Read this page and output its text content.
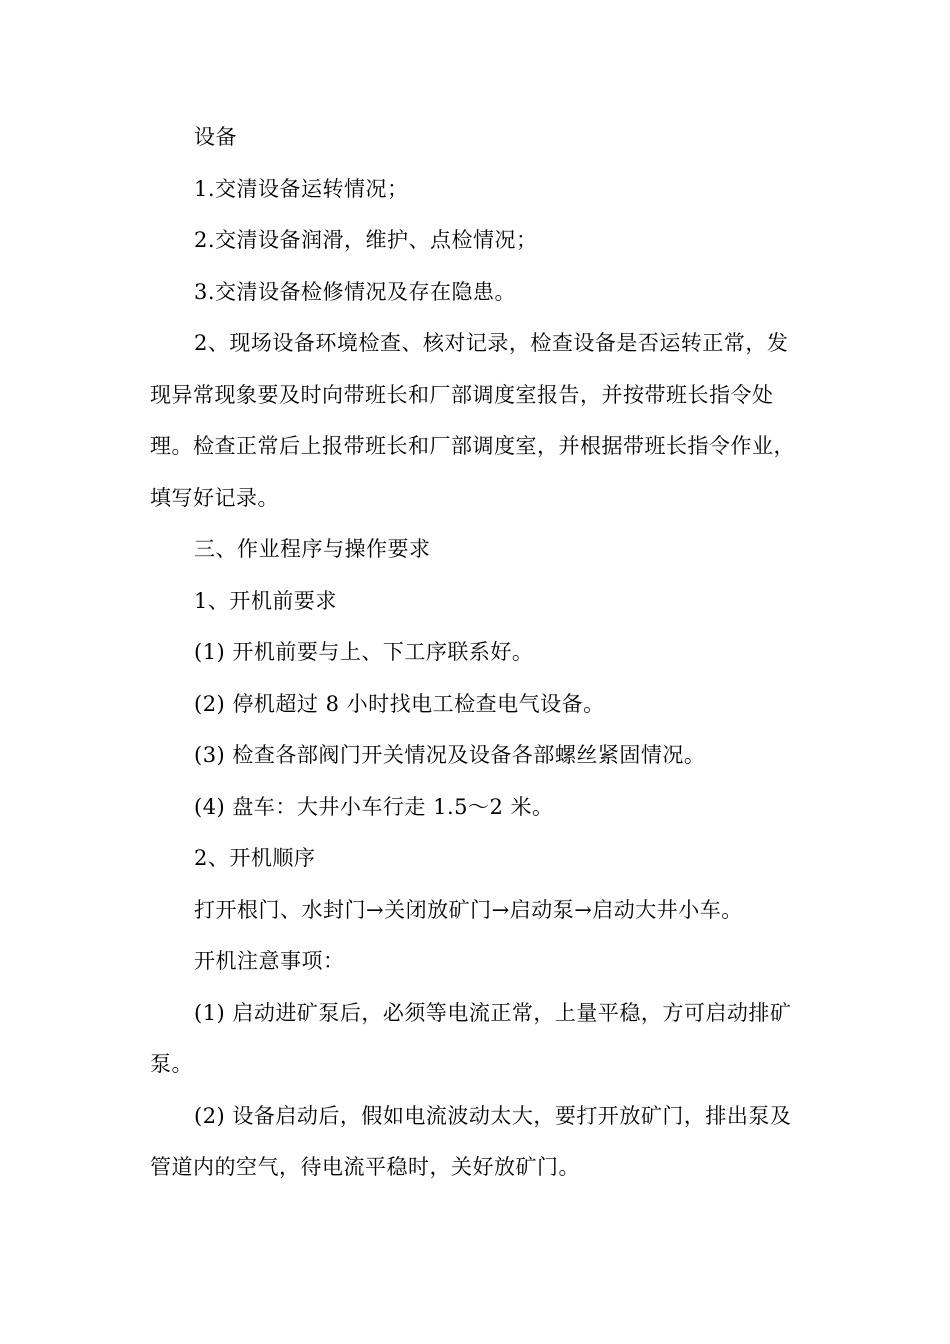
设备

1.交清设备运转情况；

2.交清设备润滑，维护、点检情况；

3.交清设备检修情况及存在隐患。

2、现场设备环境检查、核对记录，检查设备是否运转正常，发现异常现象要及时向带班长和厂部调度室报告，并按带班长指令处理。检查正常后上报带班长和厂部调度室，并根据带班长指令作业，填写好记录。

三、作业程序与操作要求

1、开机前要求

(1) 开机前要与上、下工序联系好。

(2) 停机超过 8 小时找电工检查电气设备。

(3) 检查各部阀门开关情况及设备各部螺丝紧固情况。

(4) 盘车：大井小车行走 1.5～2 米。

2、开机顺序

打开根门、水封门→关闭放矿门→启动泵→启动大井小车。

开机注意事项：

(1) 启动进矿泵后，必须等电流正常，上量平稳，方可启动排矿泵。

(2) 设备启动后，假如电流波动太大，要打开放矿门，排出泵及管道内的空气，待电流平稳时，关好放矿门。
